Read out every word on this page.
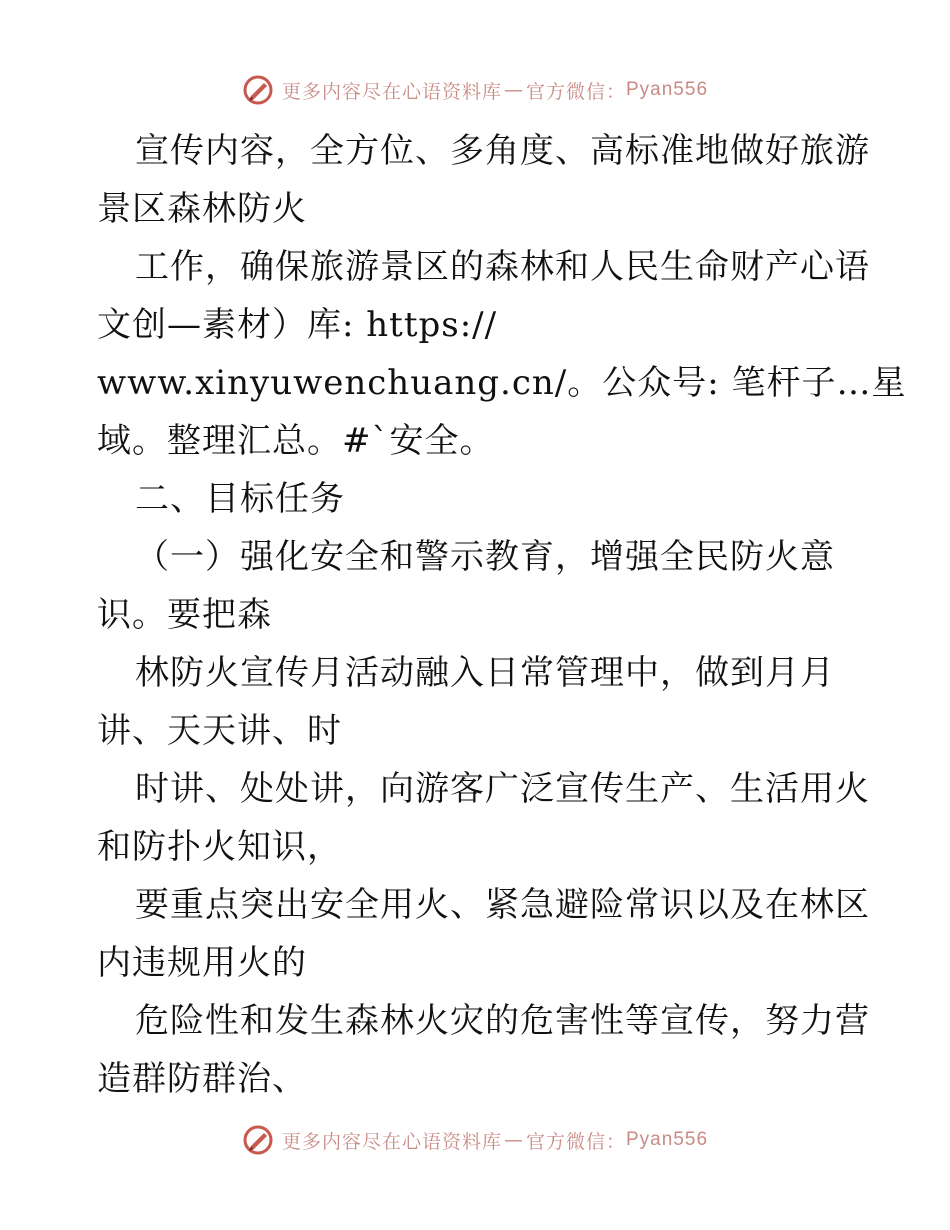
更多内容尽在心语资料库 — 官方微信： Pyan556
宣传内容，全方位、多角度、高标准地做好旅游
景区森林防火
工作，确保旅游景区的森林和人民生命财产心语
文创—素材）库: https://
www.xinyuwenchuang.cn/。公众号: 笔杆子…星
域。整理汇总。#`安全。
二、目标任务
（一）强化安全和警示教育，增强全民防火意
识。要把森
林防火宣传月活动融入日常管理中，做到月月
讲、天天讲、时
时讲、处处讲，向游客广泛宣传生产、生活用火
和防扑火知识，
要重点突出安全用火、紧急避险常识以及在林区
内违规用火的
危险性和发生森林火灾的危害性等宣传，努力营
造群防群治、
更多内容尽在心语资料库 — 官方微信： Pyan556
